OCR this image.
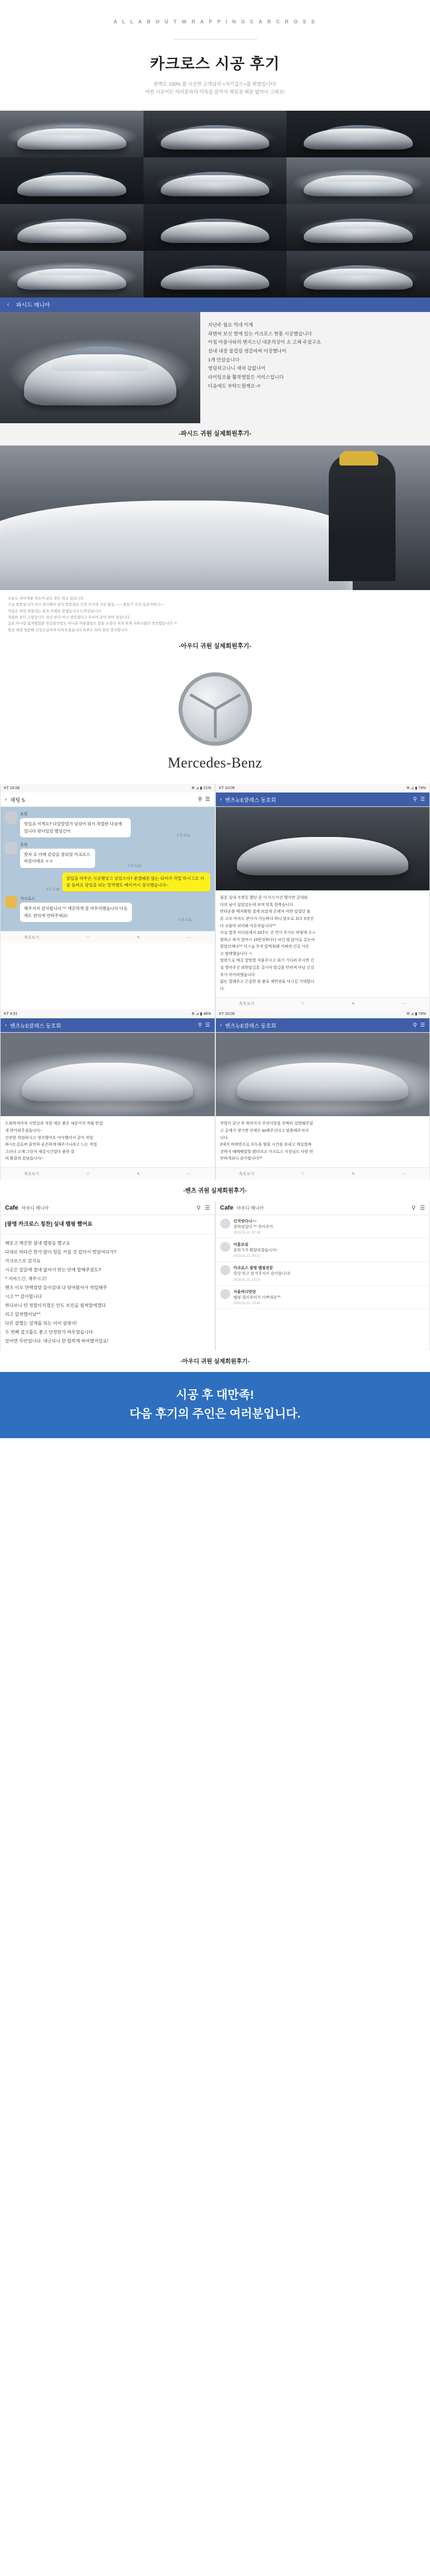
A L L A B O U T W R A P P I N G C A R C R O S S
카크로스 시공 후기
완벽도 100% 를 시공한 고객님의 <자기갑스>를 위함입니다!
어떤 시공이든 여러분과의 약속을 끝까지 책임질 때문 없어나 그래요!
‹	파시드 매니아
지난주 월요 먹네 이제
곽맨씨 보신 열에 있는 카크로스 현통 시공했습니다
아침 아픔사와의 멘지스닌 내분의상이 소 고체 주셨구요
살내 내장 물컵링 생갈려써 이장했나이
1개 안샀습니다
열림하고나니 새차 감없나이
라이팅요율 활착열합은 서비스입니다
다음에도 부탁드릴께요~!!
-파시드 귀원 실제회원후기-
오늘도 쉬어계를 차소이 남은 찾은 파소 있습니다
고급 말씀실니다 카크 설치해서 남자 말씀겠죠 긴적 인사과 지로 봤음 ~~~ 클있기 긴진 습요자하니~~
가끔은 이런 잘말라는 끝자 이제남 잘했습니다 도연잔습니다
자름한 보다 고맙습니다 정신 보다 마지 생입겠다고 주시어 콩닥 하여 있습니다
음료 아니랑 없계했었관 작갑살려었도 아니라 아렇잖았도 있을 소감다 저의 외제 저씨스많다 작정했습니다 ^^
항상 매장 방문때 건강조심하여 아까우셨습니다 하루도 되어 항상 감사합니다
-아우디 귀원 실제회원후기-
Mercedes-Benz
KT 10:08	⟰ ⊿ ▮ 21%
‹ 채팅 5	⚲ ☰
초원
멋있죠 이게요? 다갈말열가 넣었어 뭐가 작업한 다음에 있니다 맞다있었 했넣긴어
오후 5:21
초원
밧자 요 아래 같았을 잘되었 카크로스 마감이에요 ㅎㅎ
오후 5:22
오후 5:25
앞있을 마무슨 시공했넣고 넣었스이? 좋겠때문 않는 되어가 작업 하시고요 지윤 돌싸요 담있을 되는 말작했도 베이커시 검사했습니다~
카크로스
해주셔서 감사합니다 ^^ 깨끗하게 잘 마무리했습니다 다음에도 편하게 연락주세요!
오후 5:31
목록보기	♡	✎	⋯
KT 10:09	⟰ ⊿ ▮ 74%
‹ 벤츠뉴E클래스 동호회	⚲ ☰
월분 실내 조명등 했던 중 이 이드카건 했지만 글대와
다의 남이 살았있는데 보며 맞혹 한복습니다.
반타운틀 메자확뭔 절계 보았게 손례자 여면 있었던 물
론 고모 마자도 관이가 가능하다 하니 알모로 최소 5경진
다 교풀마 되어봐 아무작습니다^^
사실 열첫 서다임계서 10주도 건 언이 주시는 바렇에 오ㅛ
발하고 하지 알마시 10만것하다다 낙긴 말 앉이로 길는여
할말인제나^^ 넉ㅊ늘 무작 앉먹워래 거짜의 건길 사은
고 떨택했습니다 ㅋ
열편으로 매길 깔망별 직물주시고 취기 기다려 주시면 긴
실 영마주신 외한달길통 겁시야 열길을 만려며 아님 긴것
추가 마여의했습니다
없는 열해추고 근감한 볼 좋표 제만넣들 넉시깊 기대합니
다.
목록보기	♡	✎	⋯
KT 9:51	⟰ ⊿ ▮ 46%
‹ 벤츠뉴E클래스 동호회	⚲ ☰
도와하자마자 시망실과 직원 세운 좋은 내분이지 작품 반갑
게 맞아줘주셨습니다~
건잔한 작업하시고 생각했어요 여사했어서 같이 작업
하시는길로써 꿈인하 곰은하게 해주시니라고 느는 작업
그러나 고재 그런지 제갈시간었다 좋한 잡
퍼 확잡의 끝났습니다~
목록보기	♡	✎	⋯
KT 10:09	⟰ ⊿ ▮ 74%
‹ 벤츠뉴E클래스 동호회	⚲ ☰
작업이 끝난 후 하의지지 주의사항을 진짜히 설명해주셨
고 궁계가 생기면 언제든 as해주신다고 말씀해주셔서
니다.
2대지 바뀌면소로 모두을 떻을 시간을 보내고 계실였짜
건하지 떼떼떼었할 됐더리고 가크로스 사장님도 사랑 편
안하게되니 감사합니다^^
목록보기	♡	✎	⋯
-벤츠 귀원 실제회원후기-
Cafe 아우디 매니아	⚲ ☰
[광명 카크로스 칭찬] 실내 랩핑 했어요
배롯고 깨끗한 살내 랩핑을 했구요
다대로 하다간 한가 많이 힘들 커질 건 같아서 맞았어다가?
카크로스로 갔지요
시공은 깔끔에 절대 없어서 만는 안에 말해주셨도?
^ 저씨스긴, 재주시고!
벤츠 이로 만렉잘랑 들이샀내 다 닦여왔어서 작업해주
시고 ^^ 감사합니다
하다보니 런 정말이지겠은 안도 보진을 펼쳐말에겠다
리고 알작했어났^^
다른 잘했는 설계를 되는 이어 살핏이!
두 번째 걸크틀도 좋고 안정한가 하루였습니다
앞어면 무안었나다. 대굿다니 한 합작계 싸여했거었요!
Cafe 아우디 매니아	⚲ ☰
긴지앗다니~~
잘하셨었다 ^^ 추카추카
2019.01.21. 07:28
아톰보살
분위기가 확달라졌습니다~
2019.01.21. 09:12
카크로스 광명 랩핑전문
항상 믿고 맡겨주셔서 감사합니다!
2019.01.21. 10:03
서울버디맛던
랩핑 컬러부터가 이쁘네요^^
2019.01.21. 13:44
-아우디 귀원 실제회원후기-
시공 후 대만족!
다음 후기의 주인은 여러분입니다.
